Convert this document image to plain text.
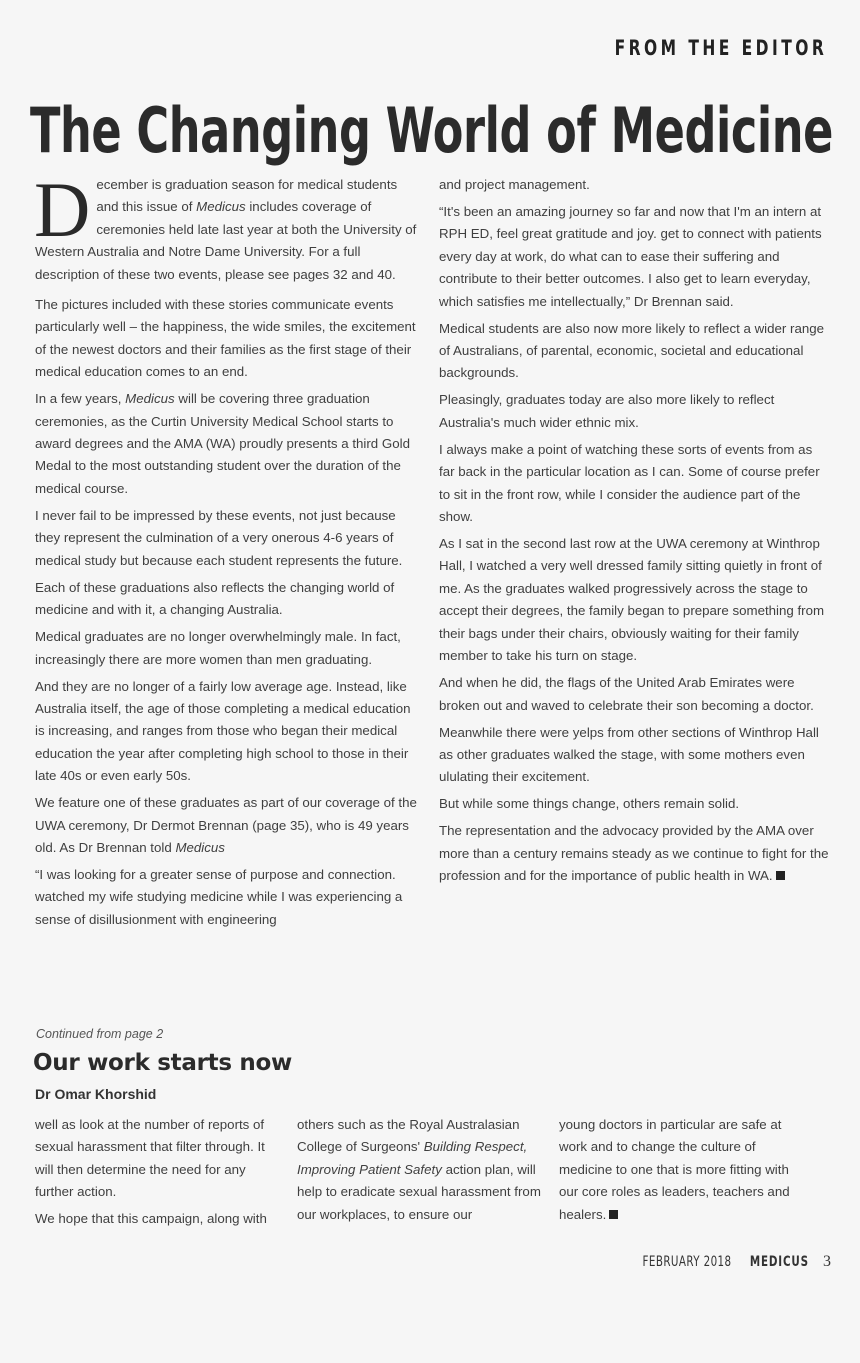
FROM THE EDITOR
The Changing World of Medicine

December is graduation season for medical students and this issue of Medicus includes coverage of ceremonies held late last year at both the University of Western Australia and Notre Dame University. For a full description of these two events, please see pages 32 and 40.

The pictures included with these stories communicate events particularly well – the happiness, the wide smiles, the excitement of the newest doctors and their families as the first stage of their medical education comes to an end.

In a few years, Medicus will be covering three graduation ceremonies, as the Curtin University Medical School starts to award degrees and the AMA (WA) proudly presents a third Gold Medal to the most outstanding student over the duration of the medical course.

I never fail to be impressed by these events, not just because they represent the culmination of a very onerous 4-6 years of medical study but because each student represents the future.

Each of these graduations also reflects the changing world of medicine and with it, a changing Australia.

Medical graduates are no longer overwhelmingly male. In fact, increasingly there are more women than men graduating.

And they are no longer of a fairly low average age. Instead, like Australia itself, the age of those completing a medical education is increasing, and ranges from those who began their medical education the year after completing high school to those in their late 40s or even early 50s.

We feature one of these graduates as part of our coverage of the UWA ceremony, Dr Dermot Brennan (page 35), who is 49 years old. As Dr Brennan told Medicus

“I was looking for a greater sense of purpose and connection. watched my wife studying medicine while I was experiencing a sense of disillusionment with engineering

and project management.

“It's been an amazing journey so far and now that I'm an intern at RPH ED, feel great gratitude and joy. get to connect with patients every day at work, do what can to ease their suffering and contribute to their better outcomes. I also get to learn everyday, which satisfies me intellectually,” Dr Brennan said.

Medical students are also now more likely to reflect a wider range of Australians, of parental, economic, societal and educational backgrounds.

Pleasingly, graduates today are also more likely to reflect Australia's much wider ethnic mix.

I always make a point of watching these sorts of events from as far back in the particular location as I can. Some of course prefer to sit in the front row, while I consider the audience part of the show.

As I sat in the second last row at the UWA ceremony at Winthrop Hall, I watched a very well dressed family sitting quietly in front of me. As the graduates walked progressively across the stage to accept their degrees, the family began to prepare something from their bags under their chairs, obviously waiting for their family member to take his turn on stage.

And when he did, the flags of the United Arab Emirates were broken out and waved to celebrate their son becoming a doctor.

Meanwhile there were yelps from other sections of Winthrop Hall as other graduates walked the stage, with some mothers even ululating their excitement.

But while some things change, others remain solid.

The representation and the advocacy provided by the AMA over more than a century remains steady as we continue to fight for the profession and for the importance of public health in WA.

Continued from page 2
Our work starts now
Dr Omar Khorshid

well as look at the number of reports of sexual harassment that filter through. It will then determine the need for any further action.

We hope that this campaign, along with

others such as the Royal Australasian College of Surgeons' Building Respect, Improving Patient Safety action plan, will help to eradicate sexual harassment from our workplaces, to ensure our

young doctors in particular are safe at work and to change the culture of medicine to one that is more fitting with our core roles as leaders, teachers and healers.

FEBRUARY 2018 MEDICUS 3
